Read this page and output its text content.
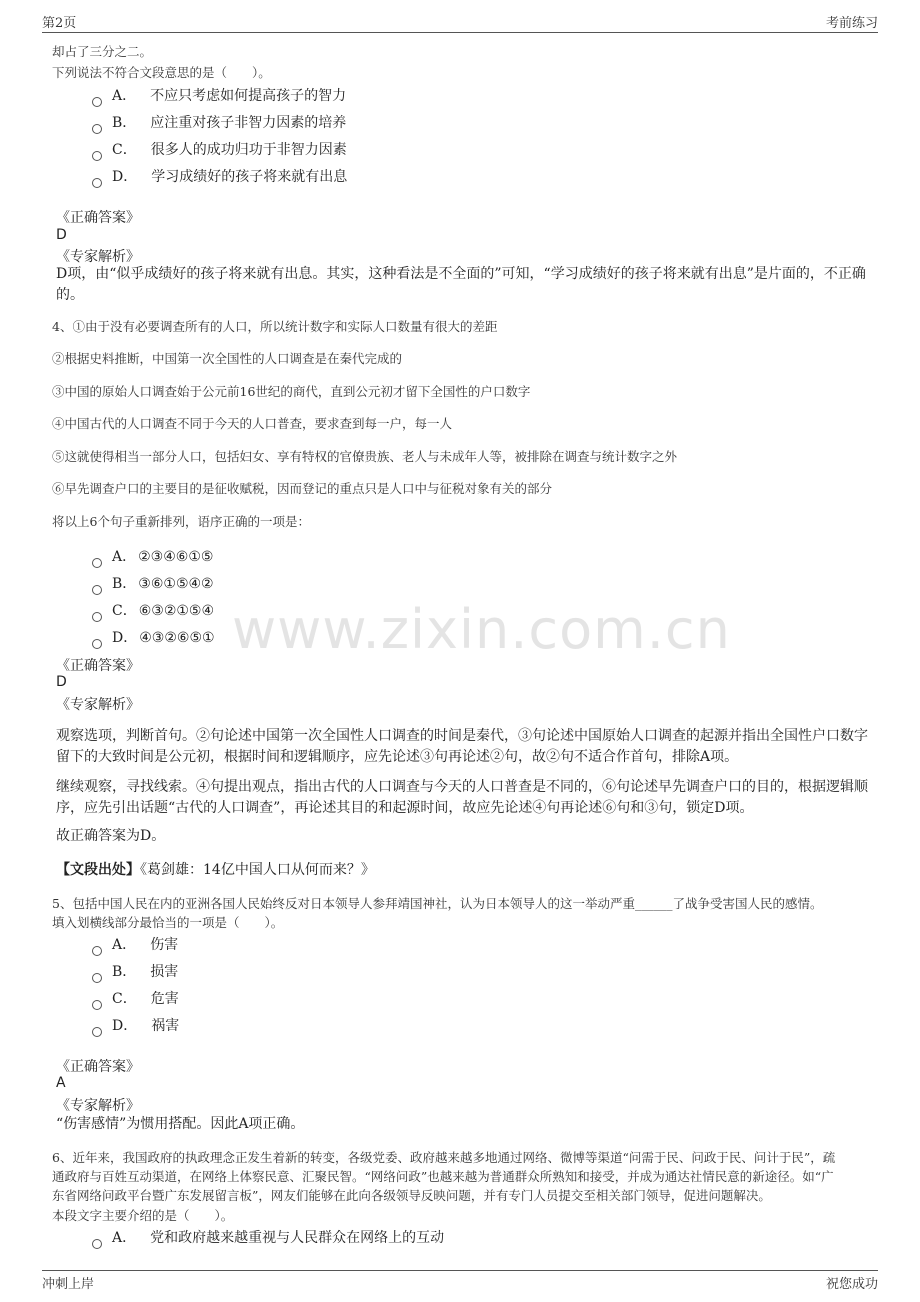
第2页	考前练习
www.zixin.com.cn
却占了三分之二。
下列说法不符合文段意思的是（　　）。
A． 不应只考虑如何提高孩子的智力
B． 应注重对孩子非智力因素的培养
C． 很多人的成功归功于非智力因素
D． 学习成绩好的孩子将来就有出息
《正确答案》
D
《专家解析》
D项，由“似乎成绩好的孩子将来就有出息。其实，这种看法是不全面的”可知，“学习成绩好的孩子将来就有出息”是片面的，不正确的。
4、①由于没有必要调查所有的人口，所以统计数字和实际人口数量有很大的差距
②根据史料推断，中国第一次全国性的人口调查是在秦代完成的
③中国的原始人口调查始于公元前16世纪的商代，直到公元初才留下全国性的户口数字
④中国古代的人口调查不同于今天的人口普查，要求查到每一户，每一人
⑤这就使得相当一部分人口，包括妇女、享有特权的官僚贵族、老人与未成年人等，被排除在调查与统计数字之外
⑥早先调查户口的主要目的是征收赋税，因而登记的重点只是人口中与征税对象有关的部分
将以上6个句子重新排列，语序正确的一项是：
A． ②③④⑥①⑤
B． ③⑥①⑤④②
C． ⑥③②①⑤④
D． ④③②⑥⑤①
《正确答案》
D
《专家解析》
观察选项，判断首句。②句论述中国第一次全国性人口调查的时间是秦代，③句论述中国原始人口调查的起源并指出全国性户口数字留下的大致时间是公元初，根据时间和逻辑顺序，应先论述③句再论述②句，故②句不适合作首句，排除A项。
继续观察，寻找线索。④句提出观点，指出古代的人口调查与今天的人口普查是不同的，⑥句论述早先调查户口的目的，根据逻辑顺序，应先引出话题“古代的人口调查”，再论述其目的和起源时间，故应先论述④句再论述⑥句和③句，锁定D项。
故正确答案为D。
【文段出处】《葛剑雄：14亿中国人口从何而来？》
5、包括中国人民在内的亚洲各国人民始终反对日本领导人参拜靖国神社，认为日本领导人的这一举动严重______了战争受害国人民的感情。
填入划横线部分最恰当的一项是（　　）。
A． 伤害
B． 损害
C． 危害
D． 祸害
《正确答案》
A
《专家解析》
“伤害感情”为惯用搭配。因此A项正确。
6、近年来，我国政府的执政理念正发生着新的转变，各级党委、政府越来越多地通过网络、微博等渠道“问需于民、问政于民、问计于民”，疏
通政府与百姓互动渠道，在网络上体察民意、汇聚民智。“网络问政”也越来越为普通群众所熟知和接受，并成为通达社情民意的新途径。如“广
东省网络问政平台暨广东发展留言板”，网友们能够在此向各级领导反映问题，并有专门人员提交至相关部门领导，促进问题解决。
本段文字主要介绍的是（　　）。
A． 党和政府越来越重视与人民群众在网络上的互动
冲刺上岸	祝您成功
